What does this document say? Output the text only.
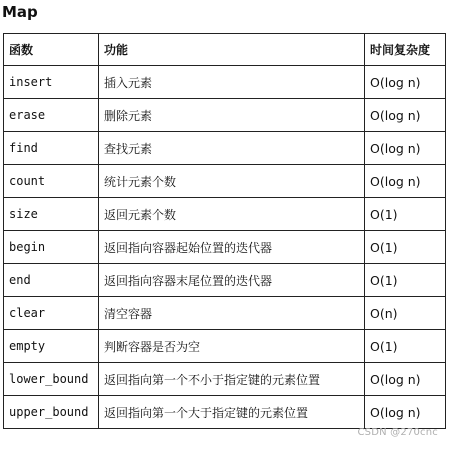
Map
函数	功能	时间复杂度
insert	插入元素	O(log n)
erase	删除元素	O(log n)
find	查找元素	O(log n)
count	统计元素个数	O(log n)
size	返回元素个数	O(1)
begin	返回指向容器起始位置的迭代器	O(1)
end	返回指向容器末尾位置的迭代器	O(1)
clear	清空容器	O(n)
empty	判断容器是否为空	O(1)
lower_bound	返回指向第一个不小于指定键的元素位置	O(log n)
upper_bound	返回指向第一个大于指定键的元素位置	O(log n)
CSDN @270cnc
